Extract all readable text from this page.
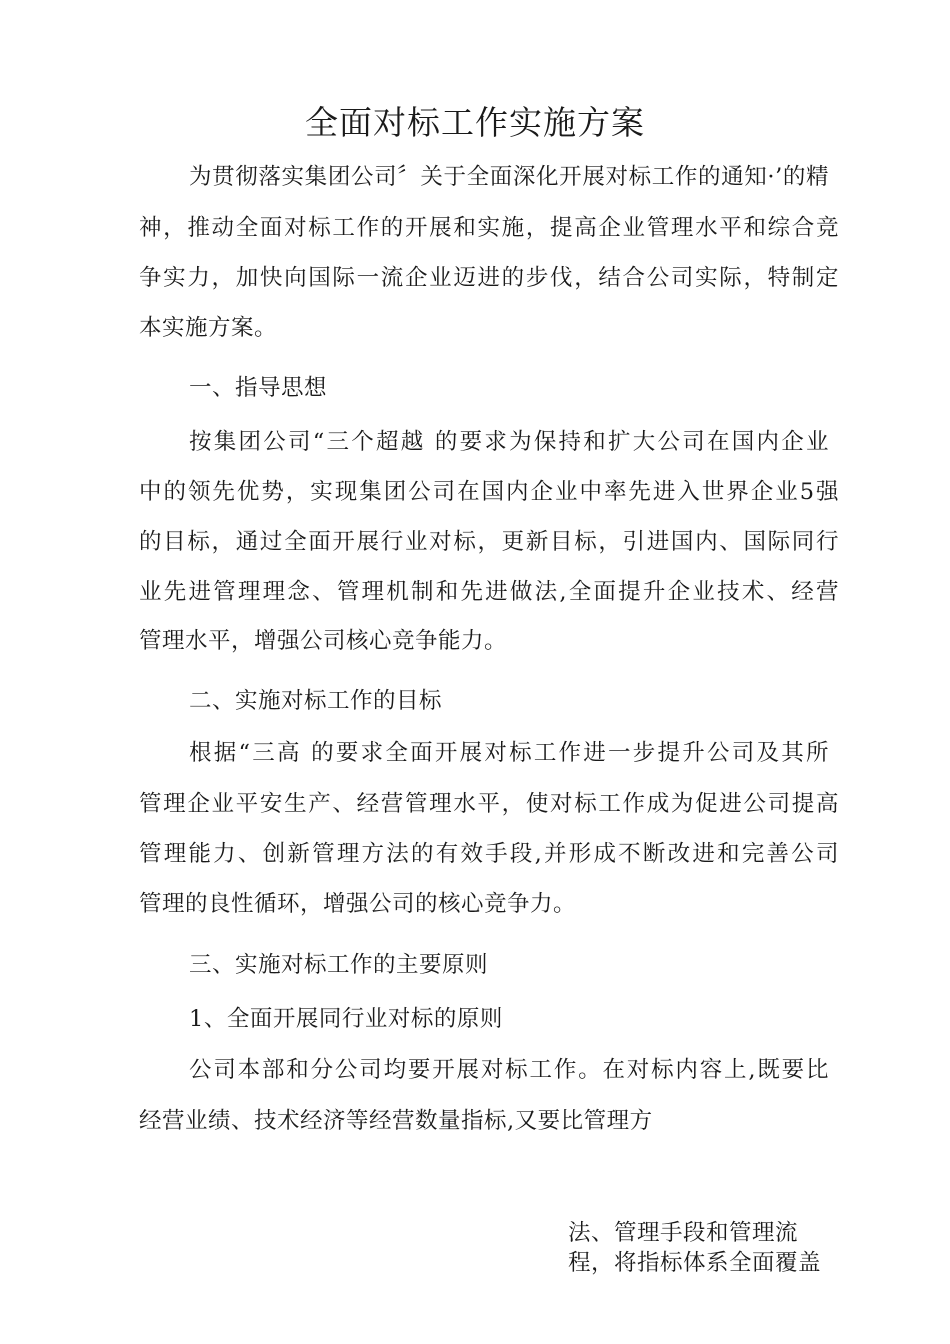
全面对标工作实施方案
为贯彻落实集团公司〞关于全面深化开展对标工作的通知·’的精
神，推动全面对标工作的开展和实施，提高企业管理水平和综合竞
争实力，加快向国际一流企业迈进的步伐，结合公司实际，特制定
本实施方案。
一、指导思想
按集团公司“三个超越 的要求为保持和扩大公司在国内企业
中的领先优势，实现集团公司在国内企业中率先进入世界企业5强
的目标，通过全面开展行业对标，更新目标，引进国内、国际同行
业先进管理理念、管理机制和先进做法,全面提升企业技术、经营
管理水平，增强公司核心竞争能力。
二、实施对标工作的目标
根据“三高 的要求全面开展对标工作进一步提升公司及其所
管理企业平安生产、经营管理水平，使对标工作成为促进公司提高
管理能力、创新管理方法的有效手段,并形成不断改进和完善公司
管理的良性循环，增强公司的核心竞争力。
三、实施对标工作的主要原则
1、全面开展同行业对标的原则
公司本部和分公司均要开展对标工作。在对标内容上,既要比
经营业绩、技术经济等经营数量指标,又要比管理方
法、管理手段和管理流
程，将指标体系全面覆盖
